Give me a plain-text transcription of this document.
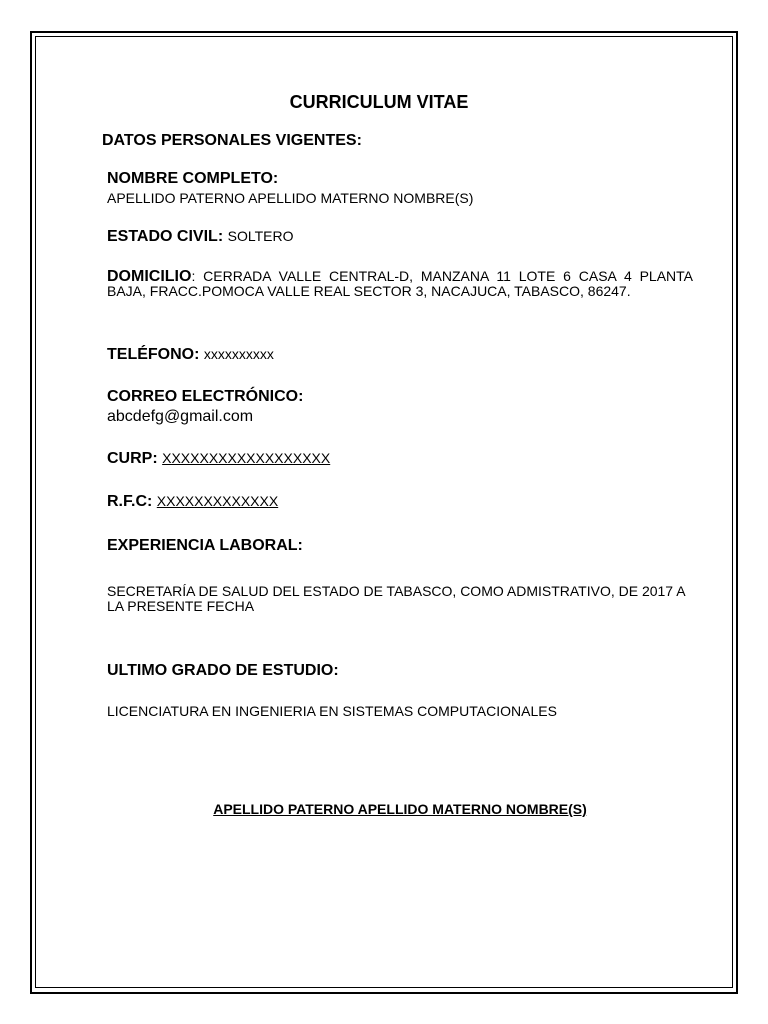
CURRICULUM VITAE
DATOS PERSONALES VIGENTES:
NOMBRE COMPLETO:
APELLIDO PATERNO APELLIDO MATERNO NOMBRE(S)
ESTADO CIVIL: SOLTERO

DOMICILIO: CERRADA VALLE CENTRAL-D, MANZANA 11 LOTE 6 CASA 4 PLANTA BAJA, FRACC.POMOCA VALLE REAL SECTOR 3, NACAJUCA, TABASCO, 86247.

TELÉFONO: xxxxxxxxxx
CORREO ELECTRÓNICO:
abcdefg@gmail.com
CURP: XXXXXXXXXXXXXXXXXX
R.F.C: XXXXXXXXXXXXX
EXPERIENCIA LABORAL:

SECRETARÍA DE SALUD DEL ESTADO DE TABASCO, COMO ADMISTRATIVO, DE 2017 A LA PRESENTE FECHA

ULTIMO GRADO DE ESTUDIO:
LICENCIATURA EN INGENIERIA EN SISTEMAS COMPUTACIONALES
APELLIDO PATERNO APELLIDO MATERNO NOMBRE(S)
